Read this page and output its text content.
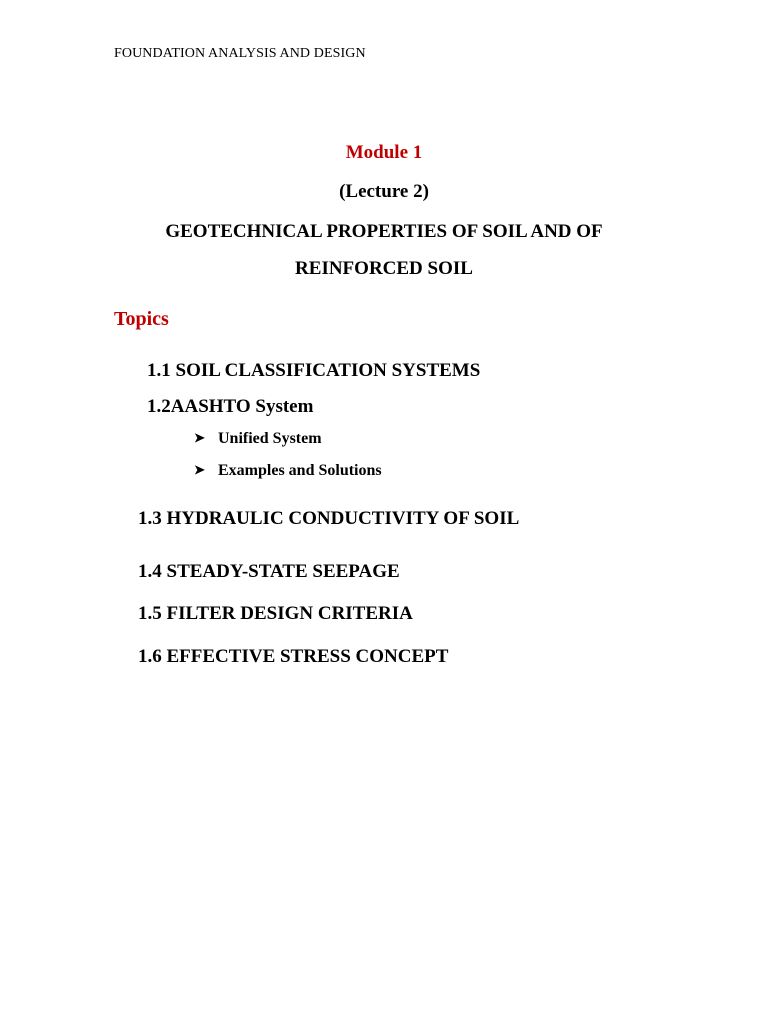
FOUNDATION ANALYSIS AND DESIGN
Module 1
(Lecture 2)
GEOTECHNICAL PROPERTIES OF SOIL AND OF
REINFORCED SOIL
Topics
1.1 SOIL CLASSIFICATION SYSTEMS
1.2AASHTO System
➤ Unified System
➤ Examples and Solutions
1.3 HYDRAULIC CONDUCTIVITY OF SOIL
1.4 STEADY-STATE SEEPAGE
1.5 FILTER DESIGN CRITERIA
1.6 EFFECTIVE STRESS CONCEPT
